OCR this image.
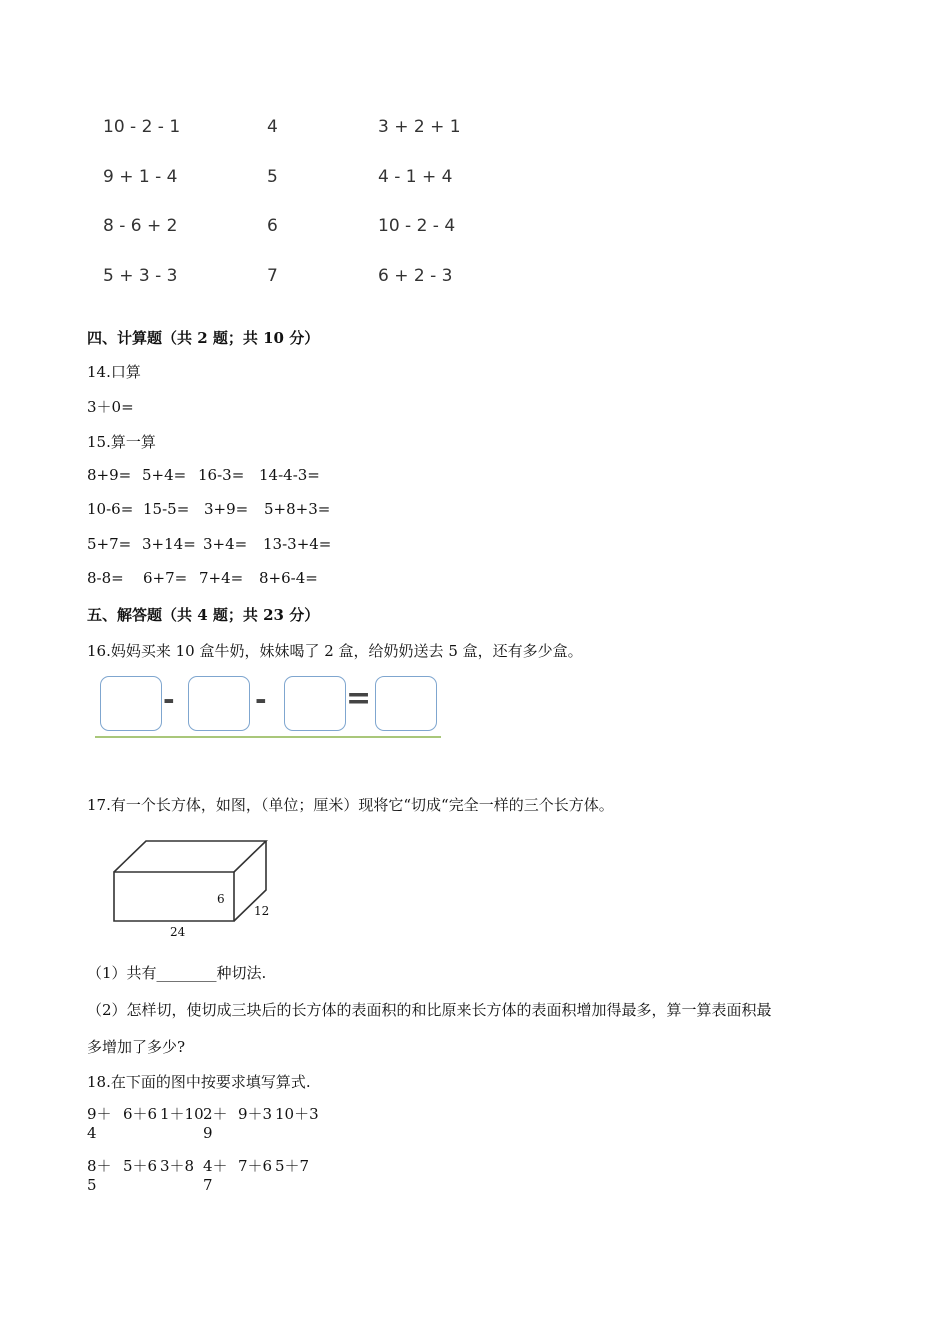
10 - 2 - 1
9 + 1 - 4
8 - 6 + 2
5 + 3 - 3
4
5
6
7
3 + 2 + 1
4 - 1 + 4
10 - 2 - 4
6 + 2 - 3
四、计算题（共 2 题；共 10 分）
14.口算
3＋0=
15.算一算
8+9= 5+4= 16-3= 14-4-3=
10-6= 15-5= 3+9= 5+8+3=
5+7= 3+14= 3+4= 13-3+4=
8-8= 6+7= 7+4= 8+6-4=
五、解答题（共 4 题；共 23 分）
16.妈妈买来 10 盒牛奶，妹妹喝了 2 盒，给奶奶送去 5 盒，还有多少盒。
-	-	=
17.有一个长方体，如图，（单位；厘米）现将它“切成“完全一样的三个长方体。
6
12
24
（1）共有________种切法.
（2）怎样切，使切成三块后的长方体的表面积的和比原来长方体的表面积增加得最多，算一算表面积最
多增加了多少?
18.在下面的图中按要求填写算式.
9＋
4
6＋6 1＋10 2＋
9
9＋3 10＋3
8＋
5
5＋6 3＋8 4＋
7
7＋6 5＋7
